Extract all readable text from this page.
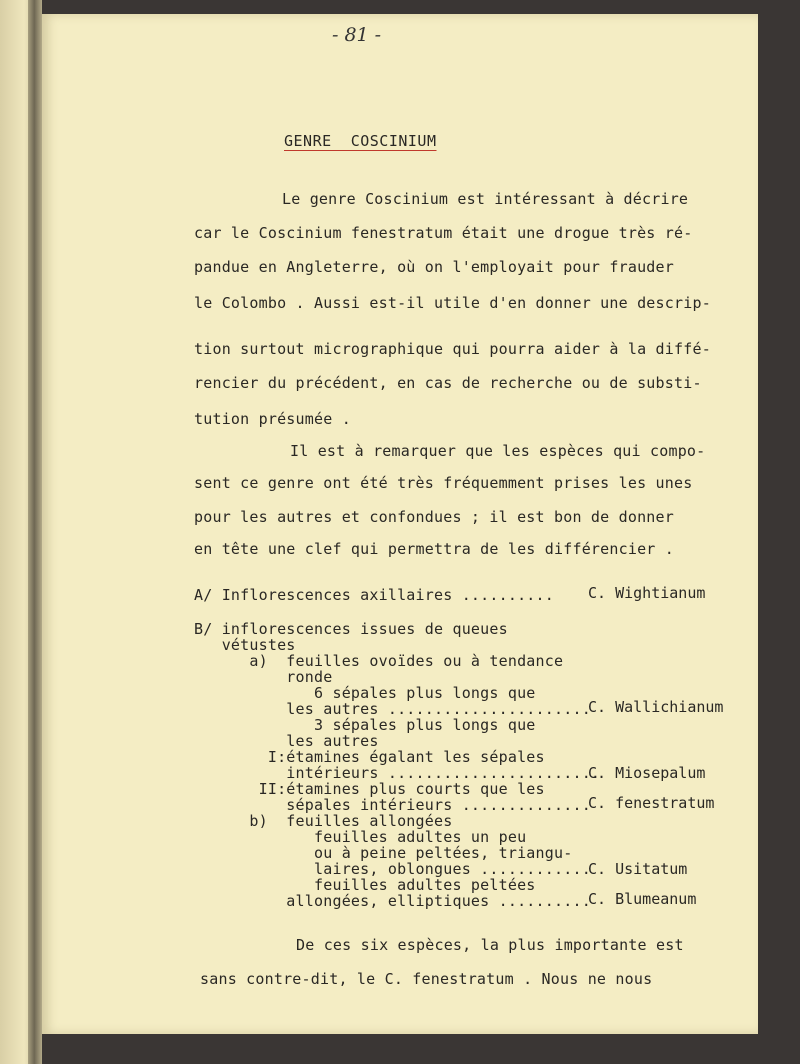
- 81 -
GENRE  COSCINIUM
Le genre Coscinium est intéressant à décrire
car le Coscinium fenestratum était une drogue très ré-
pandue en Angleterre, où on l'employait pour frauder
le Colombo . Aussi est-il utile d'en donner une descrip-
tion surtout micrographique qui pourra aider à la diffé-
rencier du précédent, en cas de recherche ou de substi-
tution présumée .
Il est à remarquer que les espèces qui compo-
sent ce genre ont été très fréquemment prises les unes
pour les autres et confondues ; il est bon de donner
en tête une clef qui permettra de les différencier .
A/ Inflorescences axillaires .......... C. Wightianum
B/ inflorescences issues de queues
vétustes
a)  feuilles ovoïdes ou à tendance
ronde
6 sépales plus longs que
les autres ......................
C. Wallichianum
3 sépales plus longs que
les autres
I:étamines égalant les sépales
intérieurs .......................
C. Miosepalum
II:étamines plus courts que les
sépales intérieurs ..............
C. fenestratum
b)  feuilles allongées
feuilles adultes un peu
ou à peine peltées, triangu-
laires, oblongues ............
C. Usitatum
feuilles adultes peltées
allongées, elliptiques ..........
C. Blumeanum
De ces six espèces, la plus importante est
sans contre-dit, le C. fenestratum . Nous ne nous
